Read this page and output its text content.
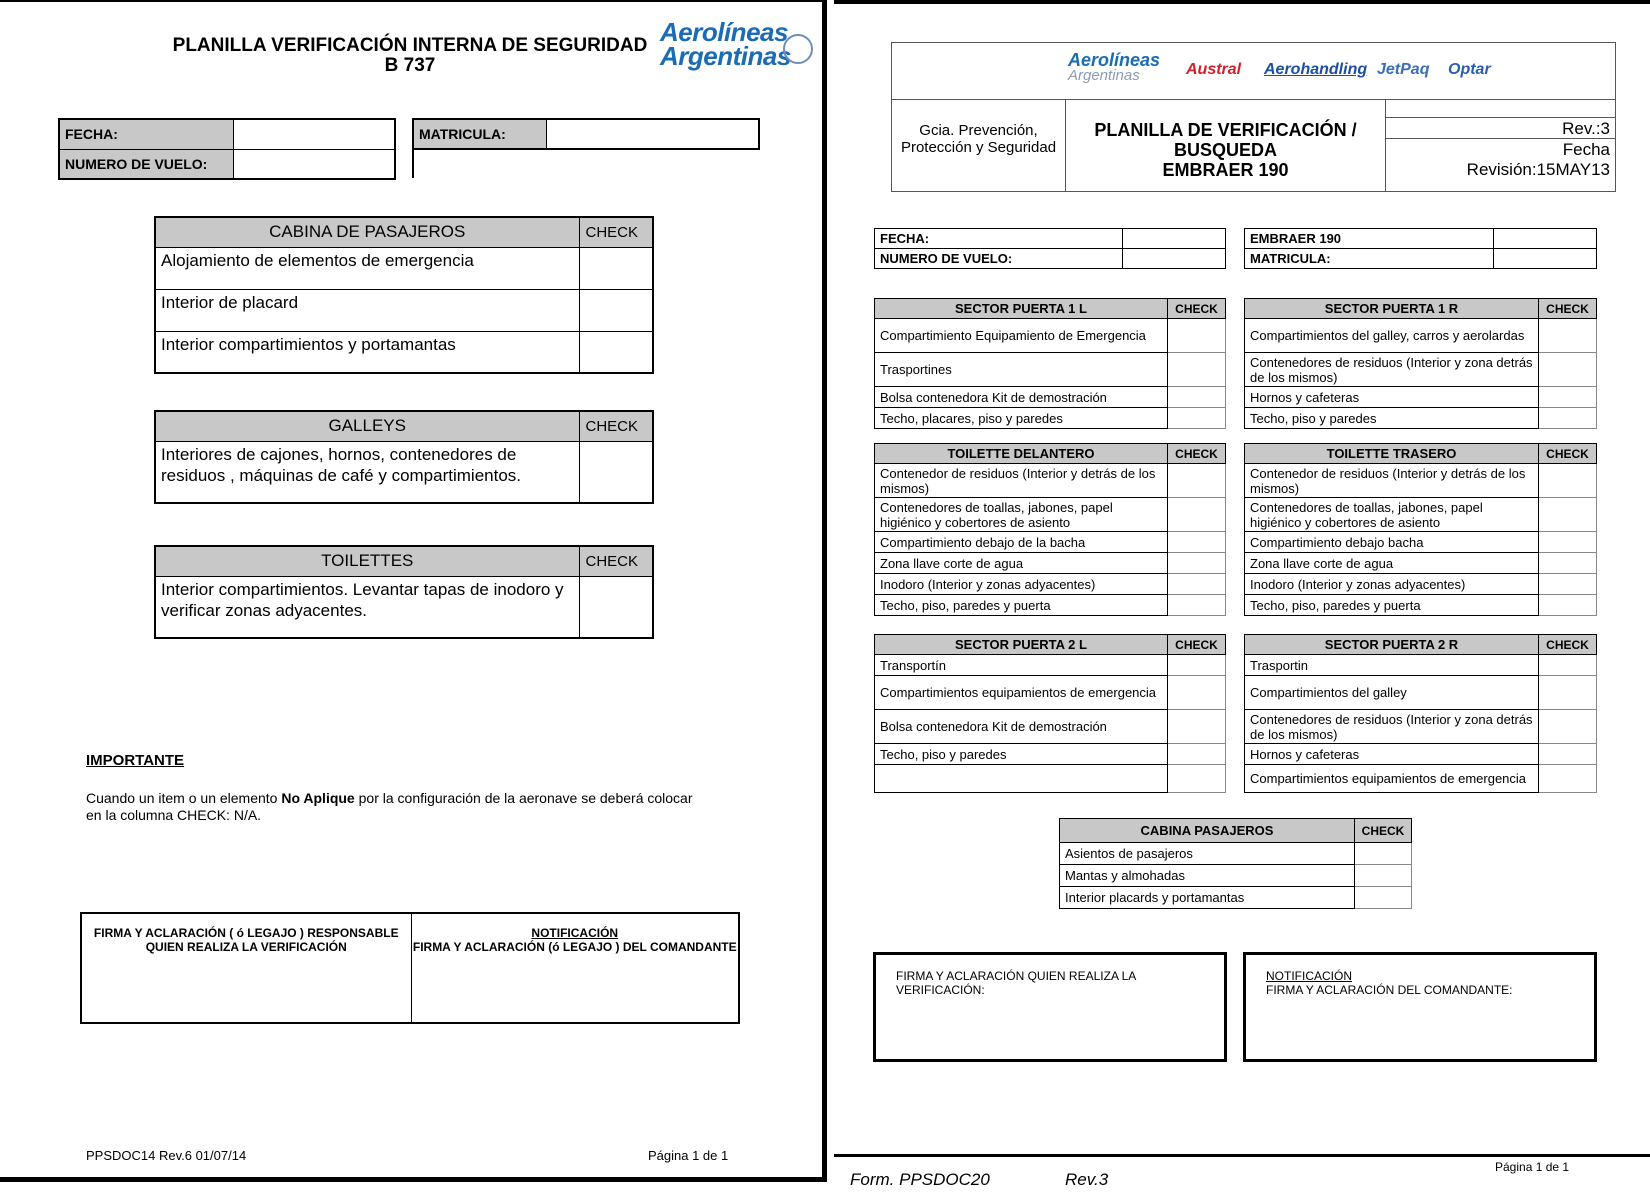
PLANILLA VERIFICACIÓN INTERNA DE SEGURIDAD
B 737
Aerolíneas
Argentinas
FECHA:	
NUMERO DE VUELO:	
MATRICULA:	
CABINA DE PASAJEROS	CHECK
Alojamiento de elementos de emergencia	
Interior de placard	
Interior compartimientos y portamantas	
GALLEYS	CHECK
Interiores de cajones, hornos, contenedores de residuos , máquinas de café y compartimientos.	
TOILETTES	CHECK
Interior compartimientos. Levantar tapas de inodoro y verificar zonas adyacentes.	
IMPORTANTE
Cuando un item o un elemento No Aplique por la configuración de la aeronave se deberá colocar en la columna CHECK: N/A.
FIRMA Y ACLARACIÓN ( ó LEGAJO ) RESPONSABLE QUIEN REALIZA LA VERIFICACIÓN	
NOTIFICACIÓN
FIRMA Y ACLARACIÓN (ó LEGAJO ) DEL COMANDANTE
PPSDOC14 Rev.6 01/07/14	Página 1 de 1
Aerolíneas
Argentinas	Austral Aerohandling JetPaq Optar
Gcia. Prevención, Protección y Seguridad
PLANILLA DE VERIFICACIÓN /
BUSQUEDA
EMBRAER 190
Rev.:3
Fecha
Revisión:15MAY13
FECHA:	
NUMERO DE VUELO:	
EMBRAER 190	
MATRICULA:	
SECTOR PUERTA 1 L	CHECK
Compartimiento Equipamiento de Emergencia	
Trasportines	
Bolsa contenedora Kit de demostración	
Techo, placares, piso y paredes	
SECTOR PUERTA 1 R	CHECK
Compartimientos del galley, carros y aerolardas	
Contenedores de residuos (Interior y zona detrás de los mismos)	
Hornos y cafeteras	
Techo, piso y paredes	
TOILETTE DELANTERO	CHECK
Contenedor de residuos (Interior y detrás de los mismos)	
Contenedores de toallas, jabones, papel higiénico y cobertores de asiento	
Compartimiento debajo de la bacha	
Zona llave corte de agua	
Inodoro (Interior y zonas adyacentes)	
Techo, piso, paredes y puerta	
TOILETTE TRASERO	CHECK
Contenedor de residuos (Interior y detrás de los mismos)	
Contenedores de toallas, jabones, papel higiénico y cobertores de asiento	
Compartimiento debajo bacha	
Zona llave corte de agua	
Inodoro (Interior y zonas adyacentes)	
Techo, piso, paredes y puerta	
SECTOR PUERTA 2 L	CHECK
Transportín	
Compartimientos equipamientos de emergencia	
Bolsa contenedora Kit de demostración	
Techo, piso y paredes	

SECTOR PUERTA 2 R	CHECK
Trasportin	
Compartimientos del galley	
Contenedores de residuos (Interior y zona detrás de los mismos)	
Hornos y cafeteras	
Compartimientos equipamientos de emergencia	
CABINA PASAJEROS	CHECK
Asientos de pasajeros	
Mantas y almohadas	
Interior placards y portamantas	
FIRMA Y ACLARACIÓN QUIEN REALIZA LA VERIFICACIÓN:
NOTIFICACIÓN
FIRMA Y ACLARACIÓN DEL COMANDANTE:
Página 1 de 1
Form. PPSDOC20	Rev.3
